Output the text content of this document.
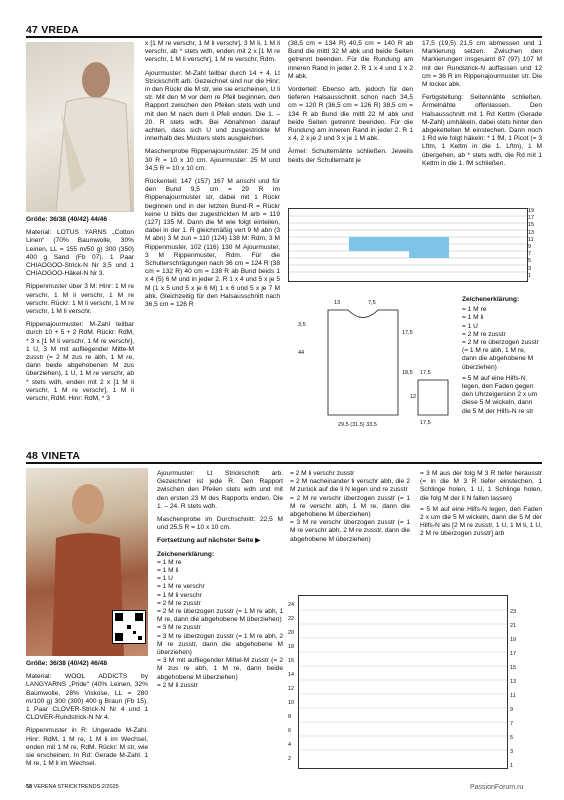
47 VREDA

Größe: 36/38 (40/42) 44/46

Material: LOTUS YARNS „Cotton Linen“ (70% Baumwolle, 30% Leinen, LL = 155 m/50 g) 300 (350) 400 g Sand (Fb 07). 1 Paar CHIAOGOO-Strick-N Nr 3,5 und 1 CHIAOGOO-Häkel-N Nr 3.

Rippenmuster über 3 M: Hinr: 1 M re verschr, 1 M li verschr, 1 M re verschr. Rückr: 1 M li verschr, 1 M re verschr, 1 M li verschr.

Rippenajourmuster: M-Zahl teilbar durch 10 + 5 + 2 RdM. Rückr: RdM, * 3 x [1 M li verschr, 1 M re verschr], 1 U, 3 M mit aufliegender Mitte-M zusstr (= 2 M zus re abh, 1 M re, dann beide abgehobenen M zus überziehen), 1 U, 1 M re verschr, ab * stets wdh, enden mit 2 x [1 M li verschr, 1 M re verschr], 1 M li verschr, RdM. Hinr: RdM, * 3

x [1 M re verschr, 1 M li verschr], 3 M li, 1 M li verschr, ab * stets wdh, enden mit 2 x [1 M re verschr, 1 M li verschr], 1 M re verschr, Rdm.

Ajourmuster: M-Zahl teilbar durch 14 + 4. Lt Strickschrift arb. Gezeichnet sind nur die Hinr; in den Rückr die M str, wie sie erscheinen, U li str. Mit den M vor dem re Pfeil beginnen, den Rapport zwischen den Pfeilen stets wdh und mit den M nach dem li Pfeil enden. Die 1. – 20. R stets wdh. Bei Abnahmen darauf achten, dass sich U und zusgestrickte M innerhalb des Musters stets ausgleichen.

Maschenprobe Rippenajourmuster: 25 M und 30 R = 10 x 10 cm. Ajourmuster: 25 M und 34,5 R = 10 x 10 cm.

Rückenteil: 147 (157) 167 M anschl und für den Bund 9,5 cm = 29 R im Rippenajourmuster str, dabei mit 1 Rückr beginnen und in der letzten Bund-R = Rückr keine U bilds der zugestrickten M arb = 119 (127) 135 M. Dann die M wie folgt einteilen, dabei in der 1. R gleichmäßig vert 9 M abn (3 M abn) 3 M zun = 110 (124) 138 M: Rdm, 3 M Rippenmuster, 102 (116) 130 M Ajourmuster, 3 M Rippenmuster, Rdm. Für die Schulterschrägungen nach 36 cm = 124 R (38 cm = 132 R) 40 cm = 138 R ab Bund beids 1 x 4 (5) 6 M und in jeder 2. R 1 x 4 und 5 x je 5 M (1 x 5 und 5 x je 6 M) 1 x 6 und 5 x je 7 M abk. Gleichzeitig für den Halsausschnitt nach 36,5 cm = 126 R

(38,5 cm = 134 R) 40,5 cm = 140 R ab Bund die mittl 32 M abk und beide Seiten getrennt beenden. Für die Rundung am inneren Rand in jeder 2. R 1 x 4 und 1 x 2 M abk.

Vorderteil: Ebenso arb, jedoch für den tieferen Halsausschnitt schon nach 34,5 cm = 120 R (36,5 cm = 126 R) 38,5 cm = 134 R ab Bund die mittl 22 M abk und beide Seiten getrennt beenden. Für die Rundung am inneren Rand in jeder 2. R 1 x 4, 2 x je 2 und 3 x je 1 M abk.

Ärmel: Schulternähte schließen. Jeweils beids der Schulternaht je

17,5 (19,5) 21,5 cm abmessen und 1 Markierung setzen. Zwischen den Markierungen insgesamt 87 (97) 107 M mit der Rundstrick-N auffassen und 12 cm = 36 R im Rippenajourmuster str. Die M locker abk.

Fertigstellung: Seitennähte schließen. Ärmelnähte offenlassen. Den Halsausschnitt mit 1 Rd Kettm (Gerade M-Zahl) umhäkeln, dabei stets hinter den abgekettelten M einstechen. Dann noch 1 Rd wie folgt häkeln: * 1 fM, 1 Picot (= 3 Lftm, 1 Kettm in die 1. Lftm), 1 M übergehen, ab * stets wdh, die Rd mit 1 Kettm in die 1. fM schließen.

19
17
15
13
11
9
7
5
3
1
13	7,5
3,5
44
17,5
18,5
29,5 (31,5) 33,5
17,5
12
17,5
Zeichenerklärung:
= 1 M re
= 1 M li
= 1 U
= 2 M re zusstr
= 2 M re überzogen zusstr (= 1 M re abh, 1 M re, dann die abgehobene M überziehen)
= 5 M auf eine Hilfs-N legen, den Faden gegen den Uhrzeigersinn 2 x um diese 5 M wickeln, dann die 5 M der Hilfs-N re str
48 VINETA

Größe: 36/38 (40/42) 46/48

Material: WOOL ADDICTS by LANGYARNS „Pride“ (40% Leinen, 32% Baumwolle, 28% Viskose, LL = 280 m/100 g) 300 (300) 400 g Braun (Fb 15). 1 Paar CLOVER-Strick-N Nr 4 und 1 CLOVER-Rundstrick-N Nr 4.

Rippenmuster in R: Ungerade M-Zahl. Hinr: RdM, 1 M re, 1 M li im Wechsel, enden mit 1 M re, RdM. Rückr: M str, wie sie erscheinen. In Rd: Gerade M-Zahl. 1 M re, 1 M li im Wechsel.

Ajourmuster: Lt Strickschrift arb. Gezeichnet ist jede R. Den Rapport zwischen den Pfeilen stets wdh und mit den ersten 23 M des Rapports enden. Die 1. – 24. R stets wdh.

Maschenprobe im Durchschnitt: 22,5 M und 25,5 R = 10 x 10 cm.

Fortsetzung auf nächster Seite ▶

Zeichenerklärung:
= 1 M re
= 1 M li
= 1 U
= 1 M re verschr
= 1 M li verschr
= 2 M re zusstr
= 2 M re überzogen zusstr (= 1 M re abh, 1 M re, dann die abgehobene M überziehen)
= 3 M re zusstr
= 3 M re überzogen zusstr (= 1 M re abh, 2 M re zusstr, dann die abgehobene M überziehen)
= 3 M mit aufliegender Mittel-M zusstr (= 2 M zus re abh, 1 M re, dann beide abgehobene M überziehen)
= 2 M li zusstr
= 2 M li verschr zusstr
= 2 M nacheinander li verschr abh, die 2 M zurück auf die li N legen und re zusstr
= 2 M re verschr überzogen zusstr (= 1 M re verschr abh, 1 M re, dann die abgehobene M überziehen)
= 3 M re verschr überzogen zusstr (= 1 M re verschr abh, 2 M re zusstr, dann die abgehobene M überziehen)
= 3 M aus der folg M 3 R tiefer herausstr (= in die M 3 R tiefer einstechen, 1 Schlinge holen, 1 U, 1 Schlinge holen, die folg M der li N fallen lassen)
= 5 M auf eine Hilfs-N legen, den Faden 2 x um die 5 M wickeln, dann die 5 M der Hilfs-N als [2 M re zusstr, 1 U, 1 M li, 1 U, 2 M re überzogen zusstr] arb
24
22
20
18
16
14
12
10
8
6
4
2
23
21
19
17
15
13
11
9
7
5
3
1
58 VERENA STRICKTRENDS 2/2025	PassionForum.ru
